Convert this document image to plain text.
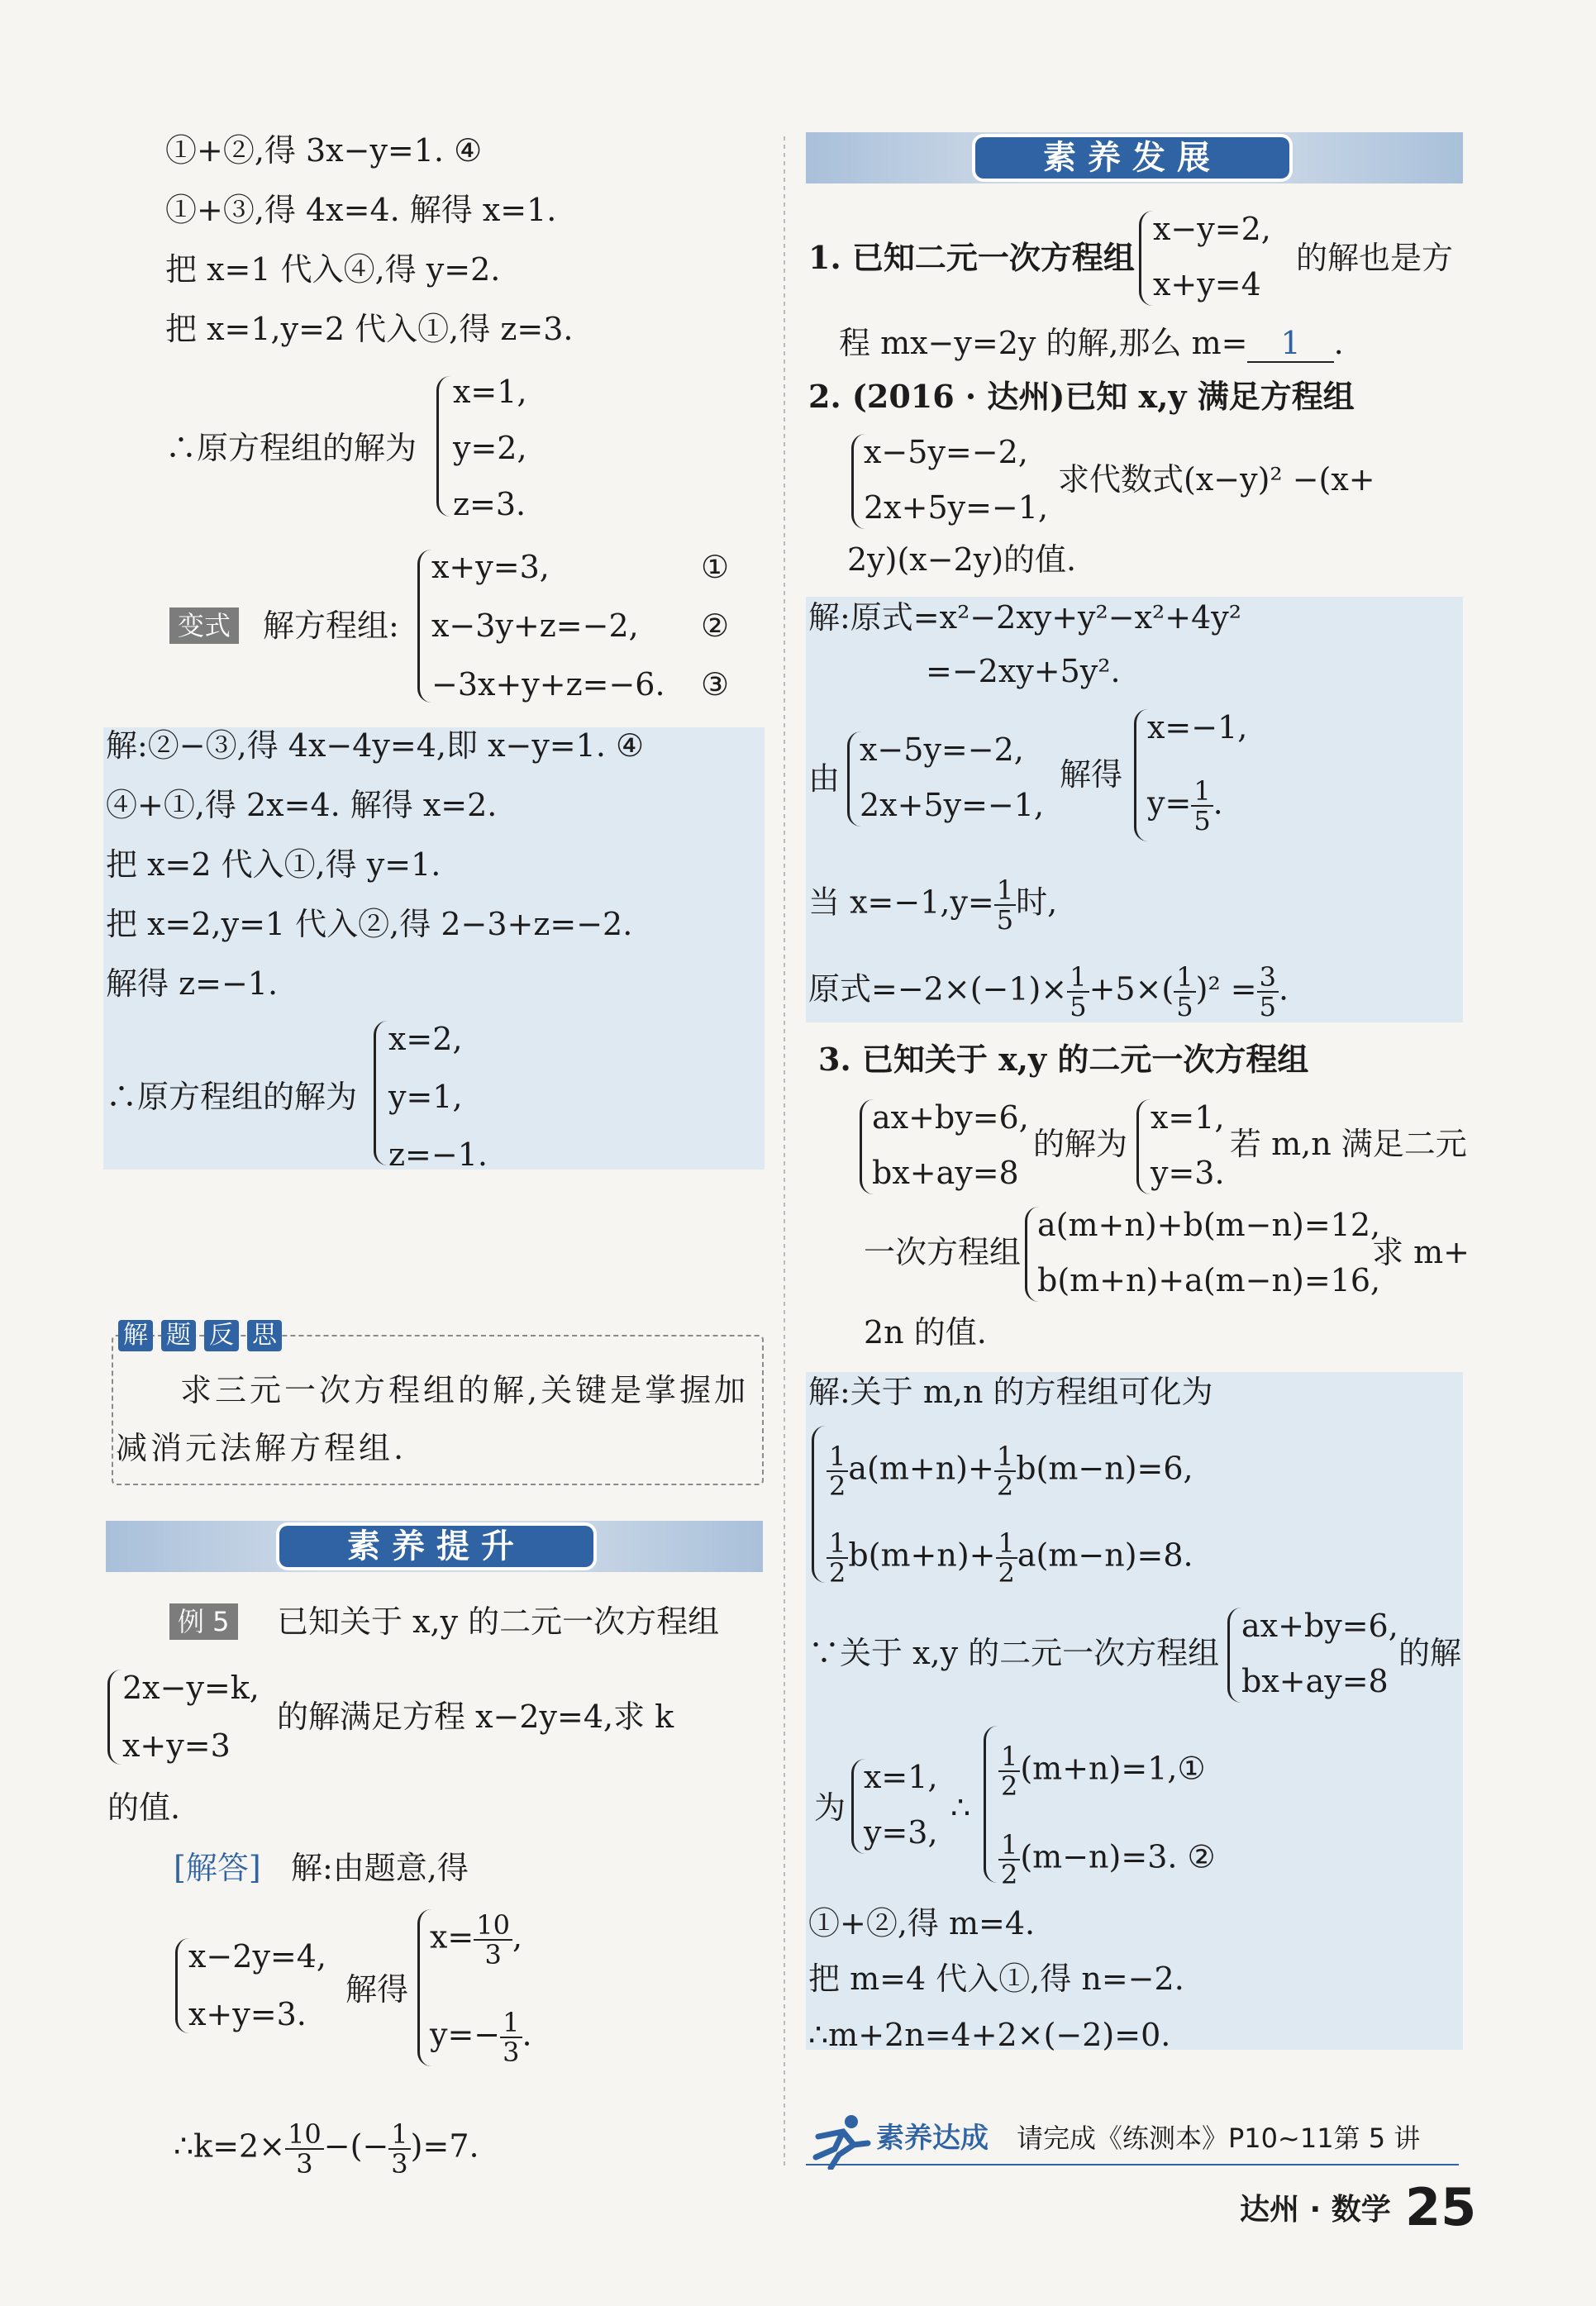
①+②,得 3x−y=1. ④
①+③,得 4x=4. 解得 x=1.
把 x=1 代入④,得 y=2.
把 x=1,y=2 代入①,得 z=3.
∴原方程组的解为
x=1,
y=2,
z=3.
变式 解方程组:
x+y=3,
x−3y+z=−2,
−3x+y+z=−6.
①
②
③
解:②−③,得 4x−4y=4,即 x−y=1. ④
④+①,得 2x=4. 解得 x=2.
把 x=2 代入①,得 y=1.
把 x=2,y=1 代入②,得 2−3+z=−2.
解得 z=−1.
∴原方程组的解为
x=2,
y=1,
z=−1.
解 题 反 思
求三元一次方程组的解,关键是掌握加
减消元法解方程组.
素养提升
例 5 已知关于 x,y 的二元一次方程组
2x−y=k,
x+y=3
的解满足方程 x−2y=4,求 k
的值.
[解答] 解:由题意,得
x−2y=4,
x+y=3.
解得
$x= \frac{10}{3}$ ,
$y=- \frac{1}{3}$ .
∴k=2× $\frac{10}{3}$ −(− $\frac{1}{3} )=7$.
素养发展
1. 已知二元一次方程组
x−y=2,
x+y=4
的解也是方
程 mx−y=2y 的解,那么 m= 1 .
2. (2016 · 达州)已知 x,y 满足方程组
x−5y=−2,
2x+5y=−1,
求代数式(x−y)² −(x+
2y)(x−2y)的值.
解:原式=x²−2xy+y²−x²+4y²
=−2xy+5y².
由
x−5y=−2,
2x+5y=−1,
解得
x=−1,
$y= \frac{1}{5}$ .
当 $x=-1,y= \frac{1}{5}$ 时,
原式$=-2\times(-1)\times \frac{1}{5} +5\times( \frac{1}{5} )^2 = \frac{3}{5}$ .
3. 已知关于 x,y 的二元一次方程组
ax+by=6,
bx+ay=8
的解为
x=1,
y=3.
若 m,n 满足二元
一次方程组
a(m+n)+b(m−n)=12,
b(m+n)+a(m−n)=16,
求 m+
2n 的值.
解:关于 m,n 的方程组可化为
$\frac{1}{2} a(m+n)+ \frac{1}{2} b(m-n)=6$,
$\frac{1}{2} b(m+n)+ \frac{1}{2} a(m-n)=8$.
∵关于 x,y 的二元一次方程组
ax+by=6,
bx+ay=8
的解
为
x=1,
y=3,
∴
$\frac{1}{2}$ (m+n)=1,①
$\frac{1}{2} (m-n)=3$. ②
①+②,得 m=4.
把 m=4 代入①,得 n=−2.
∴m+2n=4+2×(−2)=0.
素养达成 请完成《练测本》P10~11第 5 讲
达州 · 数学 25
